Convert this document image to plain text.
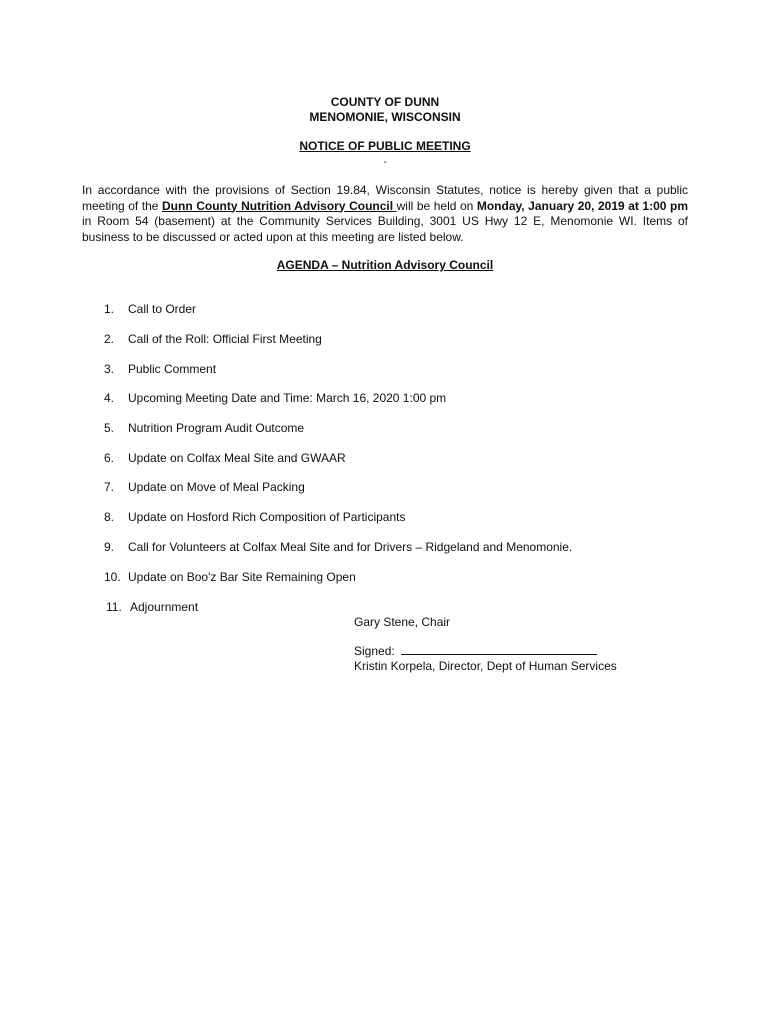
COUNTY OF DUNN
MENOMONIE, WISCONSIN
NOTICE OF PUBLIC MEETING
-
In accordance with the provisions of Section 19.84, Wisconsin Statutes, notice is hereby given that a public meeting of the Dunn County Nutrition Advisory Council will be held on Monday, January 20, 2019 at 1:00 pm in Room 54 (basement) at the Community Services Building, 3001 US Hwy 12 E, Menomonie WI. Items of business to be discussed or acted upon at this meeting are listed below.
AGENDA – Nutrition Advisory Council
1. Call to Order
2. Call of the Roll: Official First Meeting
3. Public Comment
4. Upcoming Meeting Date and Time: March 16, 2020 1:00 pm
5. Nutrition Program Audit Outcome
6. Update on Colfax Meal Site and GWAAR
7. Update on Move of Meal Packing
8. Update on Hosford Rich Composition of Participants
9. Call for Volunteers at Colfax Meal Site and for Drivers – Ridgeland and Menomonie.
10. Update on Boo'z Bar Site Remaining Open
11. Adjournment
Gary Stene, Chair
Signed:
Kristin Korpela, Director, Dept of Human Services
